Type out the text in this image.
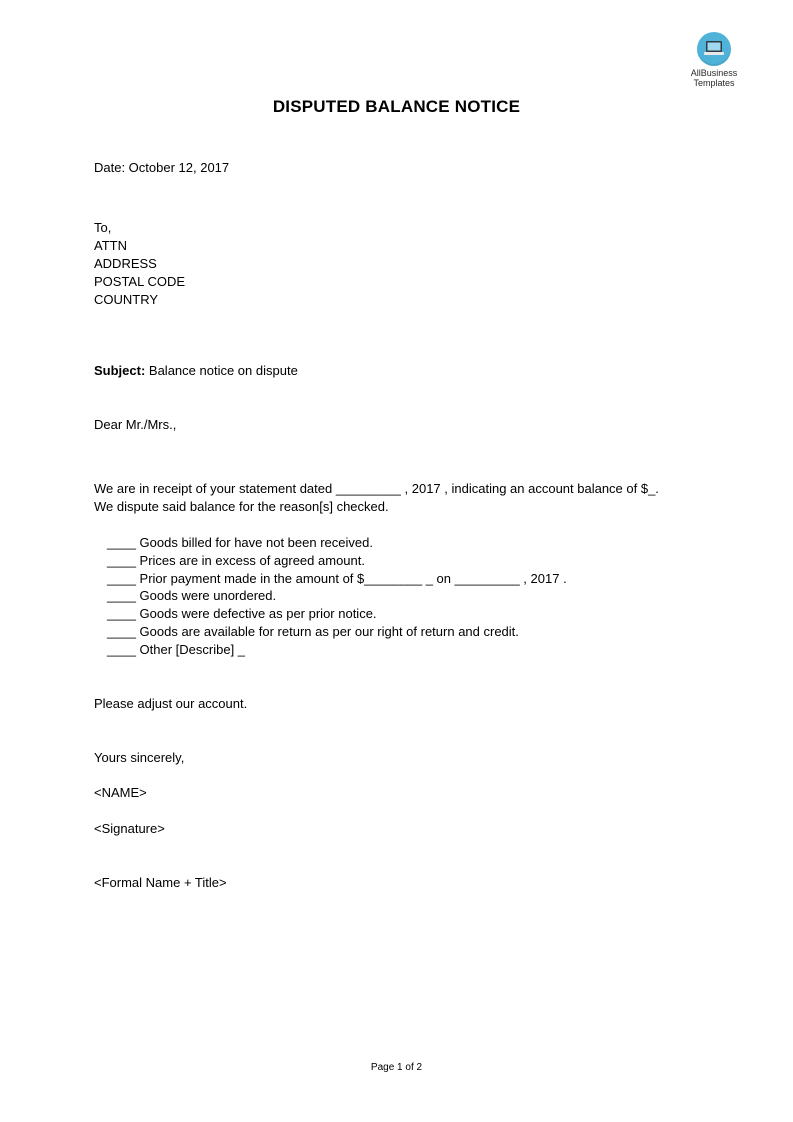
AllBusiness
Templates
DISPUTED BALANCE NOTICE
Date: October 12, 2017
To,
ATTN
ADDRESS
POSTAL CODE
COUNTRY
Subject: Balance notice on dispute
Dear Mr./Mrs.,
We are in receipt of your statement dated _________ , 2017 , indicating an account balance of $_.
We dispute said balance for the reason[s] checked.
____ Goods billed for have not been received.
____ Prices are in excess of agreed amount.
____ Prior payment made in the amount of $________ _ on _________ , 2017 .
____ Goods were unordered.
____ Goods were defective as per prior notice.
____ Goods are available for return as per our right of return and credit.
____ Other [Describe] _
Please adjust our account.
Yours sincerely,
<NAME>
<Signature>
<Formal Name + Title>
Page 1 of 2
